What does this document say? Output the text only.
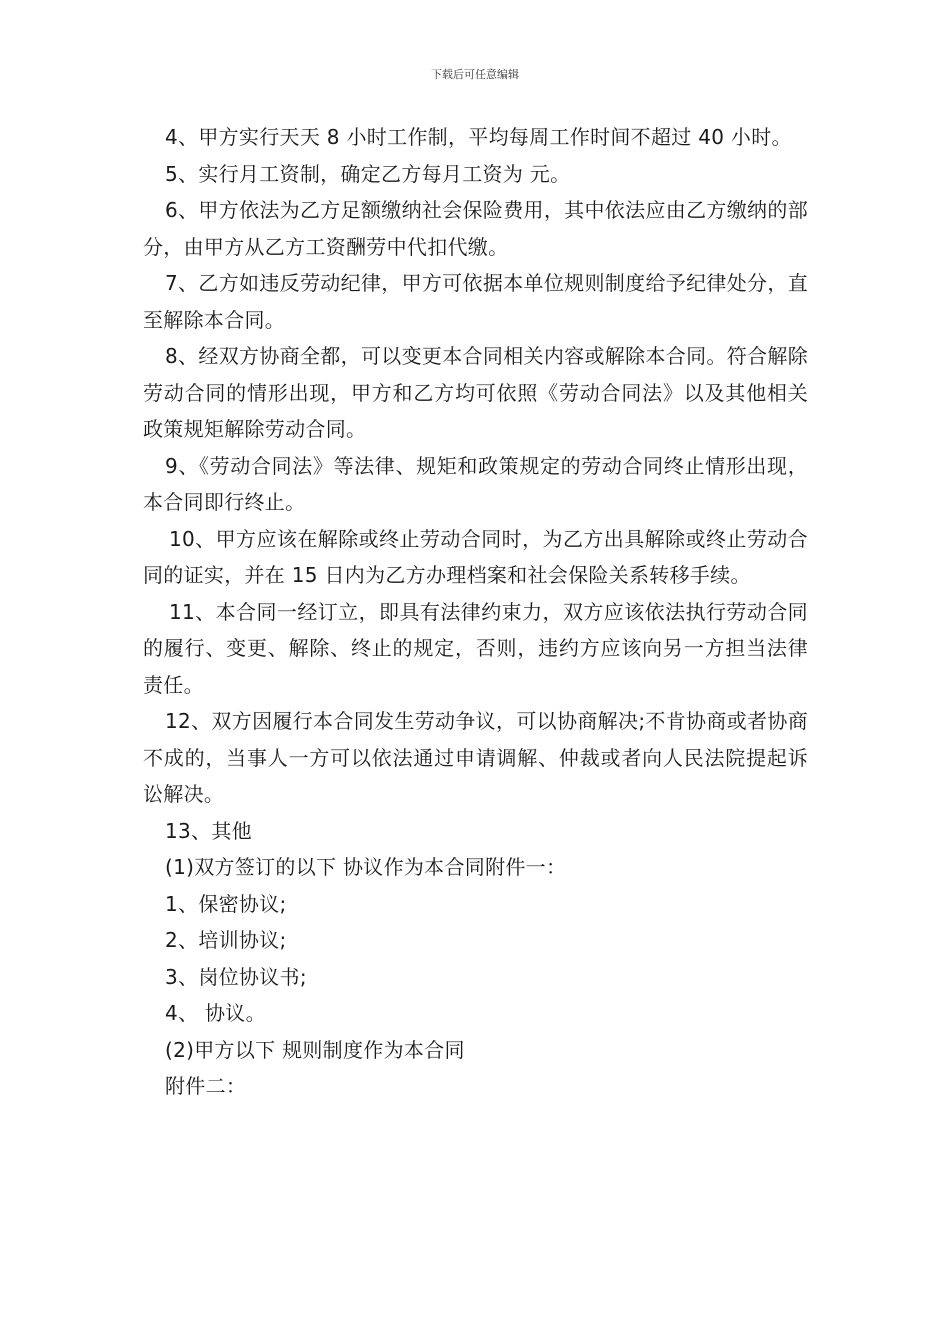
下载后可任意编辑

4、甲方实行天天 8 小时工作制，平均每周工作时间不超过 40 小时。

5、实行月工资制，确定乙方每月工资为 元。

6、甲方依法为乙方足额缴纳社会保险费用，其中依法应由乙方缴纳的部分，由甲方从乙方工资酬劳中代扣代缴。

7、乙方如违反劳动纪律，甲方可依据本单位规则制度给予纪律处分，直至解除本合同。

8、经双方协商全都，可以变更本合同相关内容或解除本合同。符合解除劳动合同的情形出现，甲方和乙方均可依照《劳动合同法》以及其他相关政策规矩解除劳动合同。

9、《劳动合同法》等法律、规矩和政策规定的劳动合同终止情形出现，本合同即行终止。

10、甲方应该在解除或终止劳动合同时，为乙方出具解除或终止劳动合同的证实，并在 15 日内为乙方办理档案和社会保险关系转移手续。

11、本合同一经订立，即具有法律约束力，双方应该依法执行劳动合同的履行、变更、解除、终止的规定，否则，违约方应该向另一方担当法律责任。

12、双方因履行本合同发生劳动争议，可以协商解决;不肯协商或者协商不成的，当事人一方可以依法通过申请调解、仲裁或者向人民法院提起诉讼解决。

13、其他

(1)双方签订的以下 协议作为本合同附件一：

1、保密协议;

2、培训协议;

3、岗位协议书;

4、 协议。

(2)甲方以下 规则制度作为本合同

附件二：
